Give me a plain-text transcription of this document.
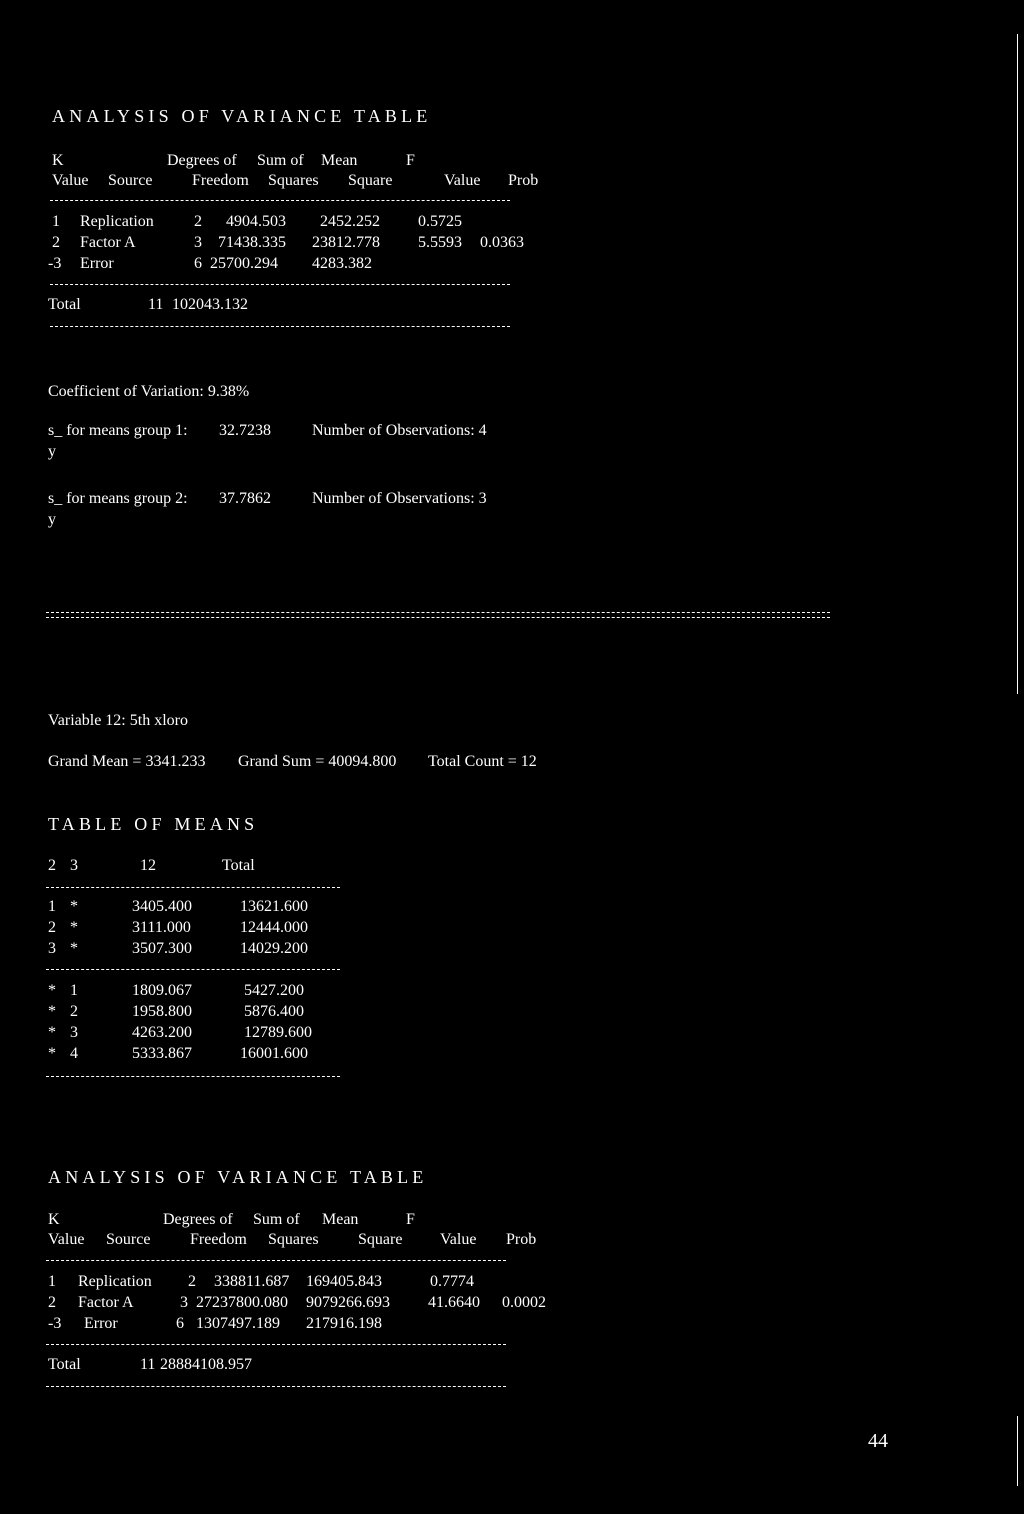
ANALYSIS OF VARIANCE TABLE
K	Degrees of Sum of Mean	F
Value Source Freedom Squares Square	Value Prob
1 Replication	2 4904.503 2452.252 0.5725
2 Factor A	3 71438.335 23812.778 5.5593 0.0363
-3 Error	6 25700.294 4283.382
Total	11 102043.132
Coefficient of Variation: 9.38%
s_ for means group 1: 32.7238	Number of Observations: 4
y
s_ for means group 2: 37.7862	Number of Observations: 3
y
Variable 12: 5th xloro
Grand Mean = 3341.233 Grand Sum = 40094.800 Total Count = 12
TABLE OF MEANS
2 3	12	Total
1 *	3405.400	13621.600
2 *	3111.000	12444.000
3 *	3507.300	14029.200
* 1	1809.067	5427.200
* 2	1958.800	5876.400
* 3	4263.200	12789.600
* 4	5333.867	16001.600
ANALYSIS OF VARIANCE TABLE
K	Degrees of Sum of Mean	F
Value Source Freedom Squares Square Value Prob
1 Replication 2 338811.687 169405.843	0.7774
2 Factor A	3 27237800.080 9079266.693 41.6640 0.0002
-3 Error	6 1307497.189 217916.198
Total	11 28884108.957
44
